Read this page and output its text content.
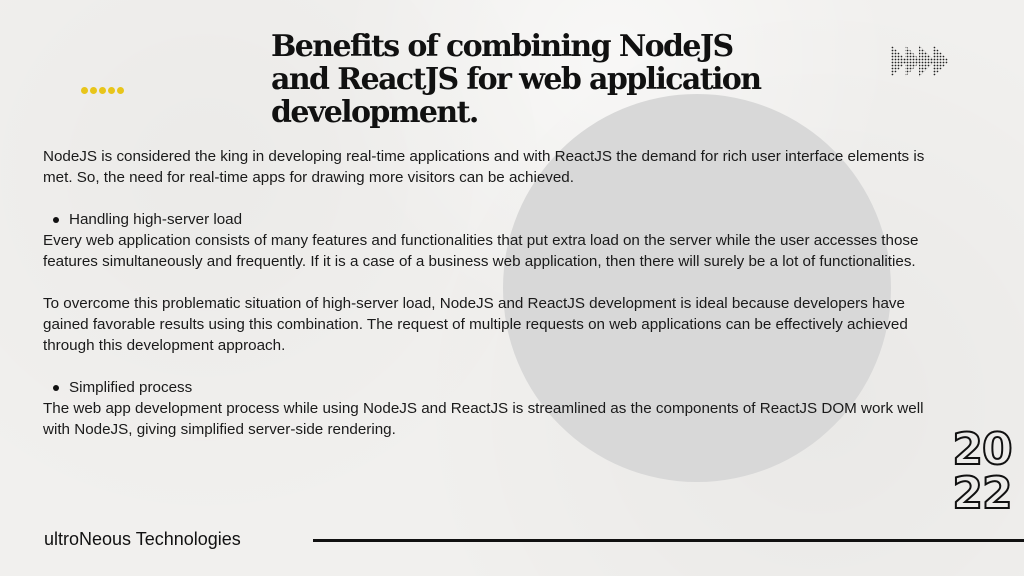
Benefits of combining NodeJS and ReactJS for web application development.

NodeJS is considered the king in developing real-time applications and with ReactJS the demand for rich user interface elements is met. So, the need for real-time apps for drawing more visitors can be achieved.

Handling high-server load

Every web application consists of many features and functionalities that put extra load on the server while the user accesses those features simultaneously and frequently. If it is a case of a business web application, then there will surely be a lot of functionalities.

To overcome this problematic situation of high-server load, NodeJS and ReactJS development is ideal because developers have gained favorable results using this combination. The request of multiple requests on web applications can be effectively achieved through this development approach.

Simplified process

The web app development process while using NodeJS and ReactJS is streamlined as the components of ReactJS DOM work well with NodeJS, giving simplified server-side rendering.	20
22
ultroNeous Technologies
